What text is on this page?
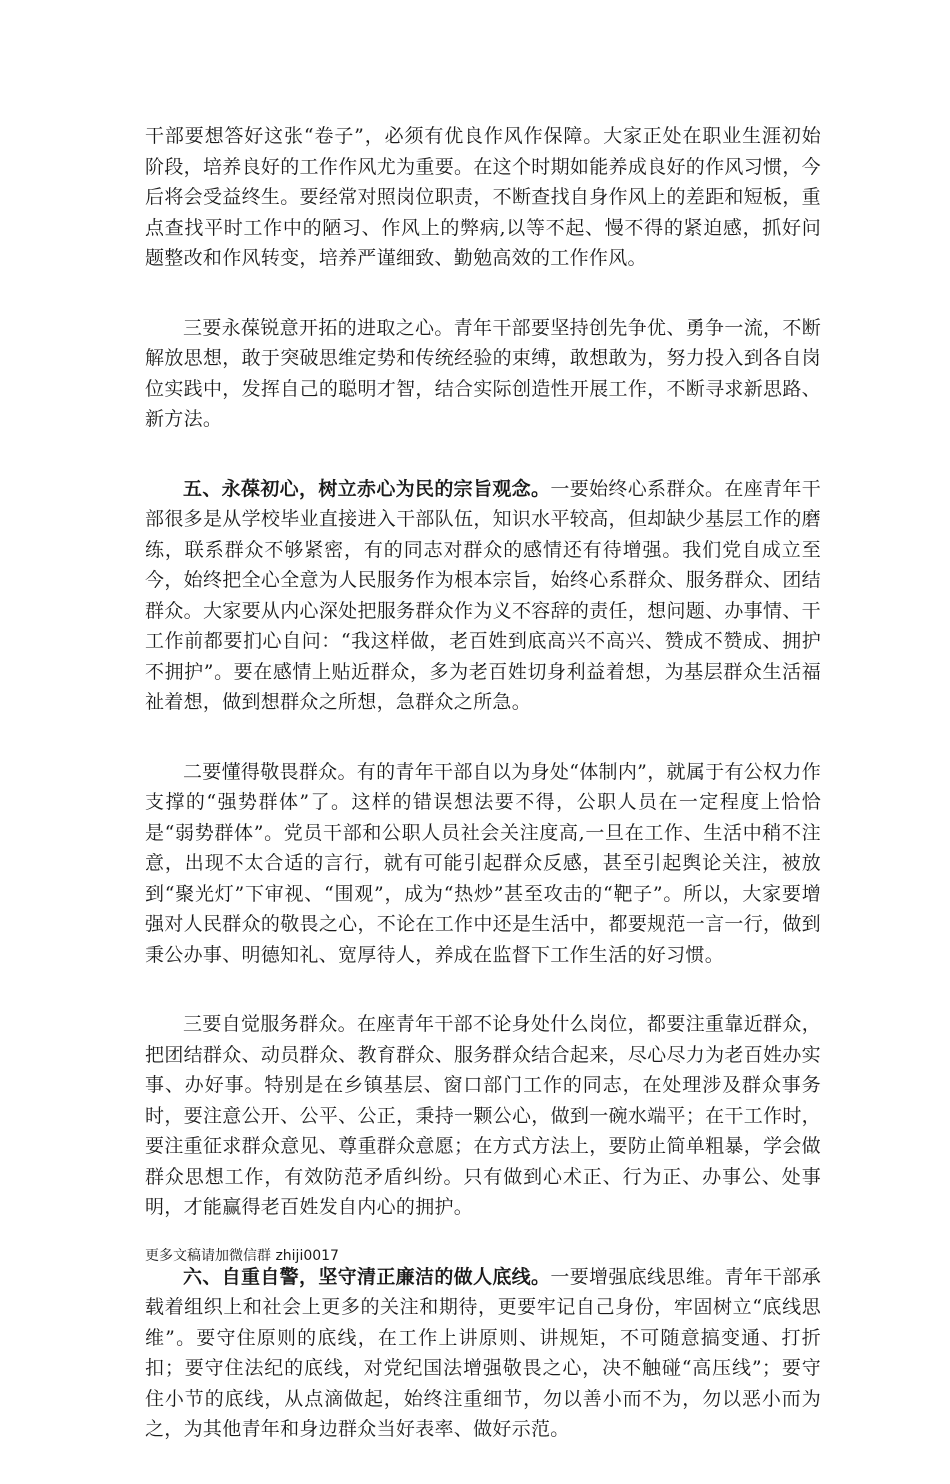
干部要想答好这张“卷子”，必须有优良作风作保障。大家正处在职业生涯初始阶段，培养良好的工作作风尤为重要。在这个时期如能养成良好的作风习惯，今后将会受益终生。要经常对照岗位职责，不断查找自身作风上的差距和短板，重点查找平时工作中的陋习、作风上的弊病,以等不起、慢不得的紧迫感，抓好问题整改和作风转变，培养严谨细致、勤勉高效的工作作风。

三要永葆锐意开拓的进取之心。青年干部要坚持创先争优、勇争一流，不断解放思想，敢于突破思维定势和传统经验的束缚，敢想敢为，努力投入到各自岗位实践中，发挥自己的聪明才智，结合实际创造性开展工作，不断寻求新思路、新方法。

五、永葆初心，树立赤心为民的宗旨观念。一要始终心系群众。在座青年干部很多是从学校毕业直接进入干部队伍，知识水平较高，但却缺少基层工作的磨练，联系群众不够紧密，有的同志对群众的感情还有待增强。我们党自成立至今，始终把全心全意为人民服务作为根本宗旨，始终心系群众、服务群众、团结群众。大家要从内心深处把服务群众作为义不容辞的责任，想问题、办事情、干工作前都要扪心自问：“我这样做，老百姓到底高兴不高兴、赞成不赞成、拥护不拥护”。要在感情上贴近群众，多为老百姓切身利益着想，为基层群众生活福祉着想，做到想群众之所想，急群众之所急。

二要懂得敬畏群众。有的青年干部自以为身处“体制内”，就属于有公权力作支撑的“强势群体”了。这样的错误想法要不得，公职人员在一定程度上恰恰是“弱势群体”。党员干部和公职人员社会关注度高,一旦在工作、生活中稍不注意，出现不太合适的言行，就有可能引起群众反感，甚至引起舆论关注，被放到“聚光灯”下审视、“围观”，成为“热炒”甚至攻击的“靶子”。所以，大家要增强对人民群众的敬畏之心，不论在工作中还是生活中，都要规范一言一行，做到秉公办事、明德知礼、宽厚待人，养成在监督下工作生活的好习惯。

三要自觉服务群众。在座青年干部不论身处什么岗位，都要注重靠近群众，把团结群众、动员群众、教育群众、服务群众结合起来，尽心尽力为老百姓办实事、办好事。特别是在乡镇基层、窗口部门工作的同志，在处理涉及群众事务时，要注意公开、公平、公正，秉持一颗公心，做到一碗水端平；在干工作时，要注重征求群众意见、尊重群众意愿；在方式方法上，要防止简单粗暴，学会做群众思想工作，有效防范矛盾纠纷。只有做到心术正、行为正、办事公、处事明，才能赢得老百姓发自内心的拥护。

六、自重自警，坚守清正廉洁的做人底线。一要增强底线思维。青年干部承载着组织上和社会上更多的关注和期待，更要牢记自己身份，牢固树立“底线思维”。要守住原则的底线，在工作上讲原则、讲规矩，不可随意搞变通、打折扣；要守住法纪的底线，对党纪国法增强敬畏之心，决不触碰“高压线”；要守住小节的底线，从点滴做起，始终注重细节，勿以善小而不为，勿以恶小而为之，为其他青年和身边群众当好表率、做好示范。

更多文稿请加微信群 zhiji0017
